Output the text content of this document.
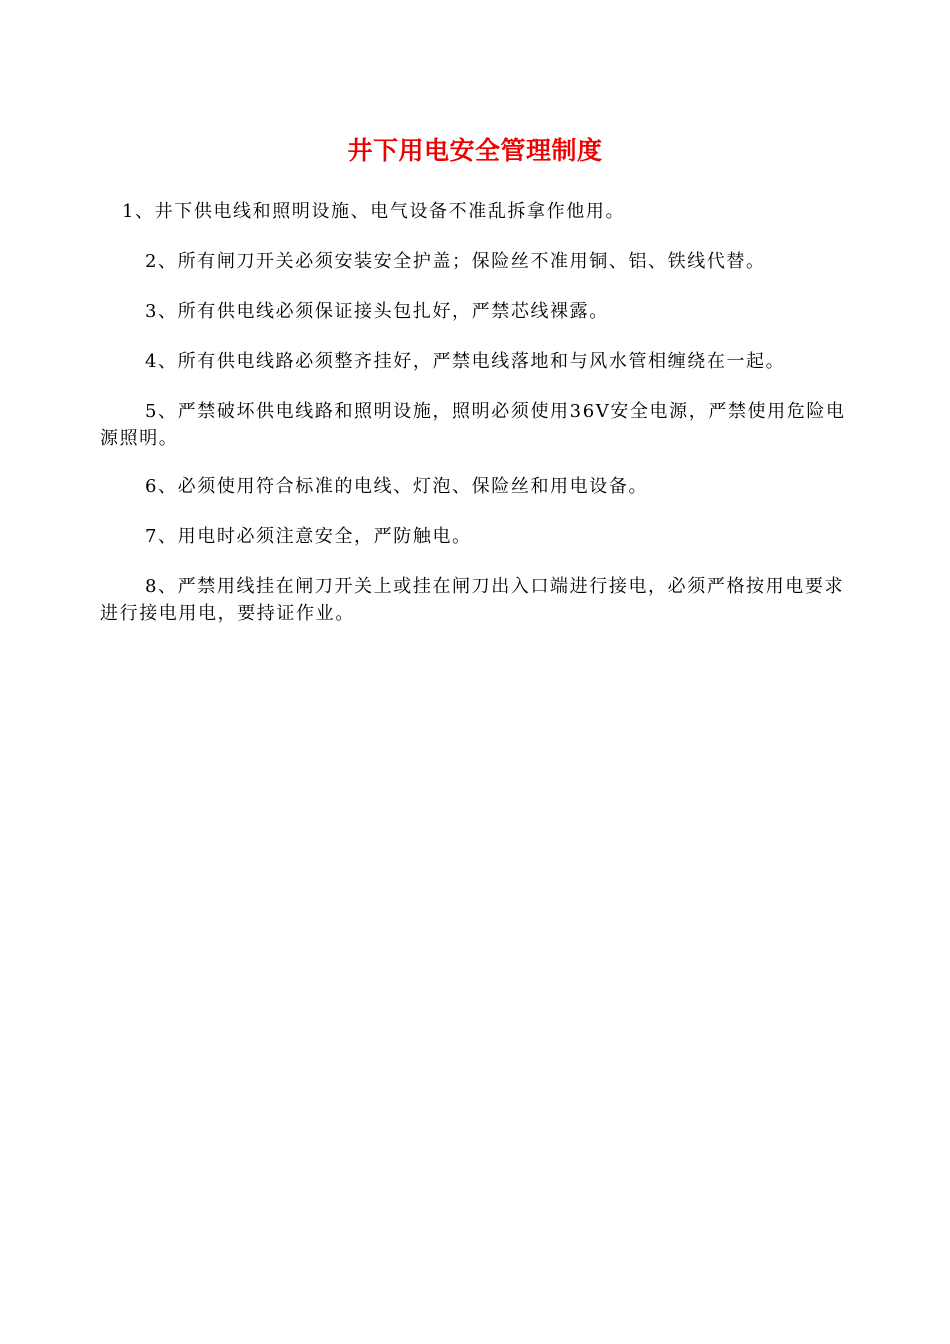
井下用电安全管理制度
1、井下供电线和照明设施、电气设备不准乱拆拿作他用。
2、所有闸刀开关必须安装安全护盖；保险丝不准用铜、铝、铁线代替。
3、所有供电线必须保证接头包扎好，严禁芯线裸露。
4、所有供电线路必须整齐挂好，严禁电线落地和与风水管相缠绕在一起。
5、严禁破坏供电线路和照明设施，照明必须使用36V安全电源，严禁使用危险电源照明。
6、必须使用符合标准的电线、灯泡、保险丝和用电设备。
7、用电时必须注意安全，严防触电。
8、严禁用线挂在闸刀开关上或挂在闸刀出入口端进行接电，必须严格按用电要求进行接电用电，要持证作业。
